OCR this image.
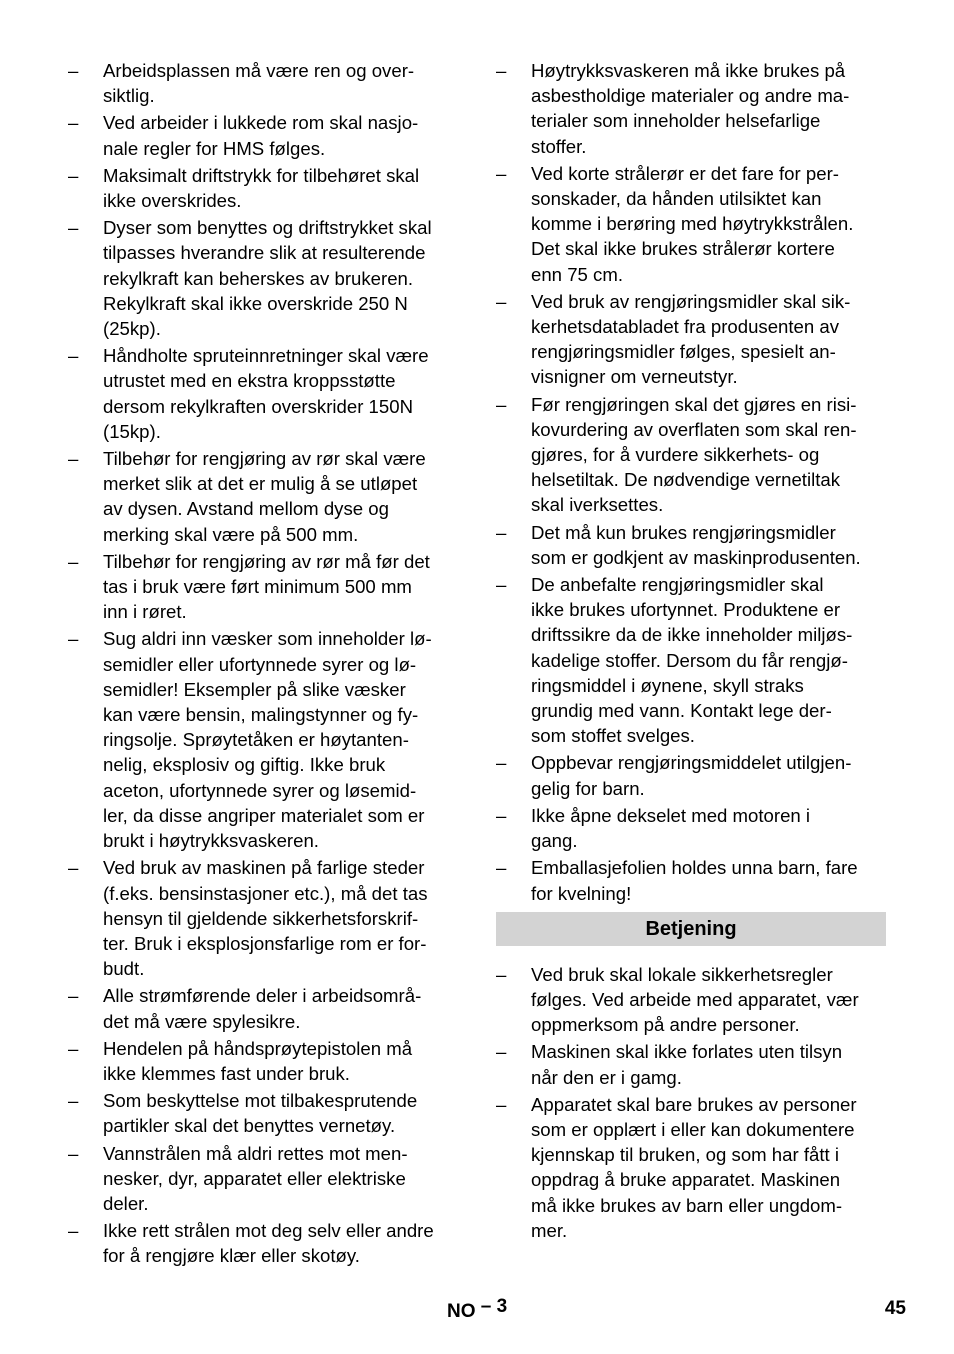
–	Arbeidsplassen må være ren og over-
siktlig.
–	Ved arbeider i lukkede rom skal nasjo-
nale regler for HMS følges.
–	Maksimalt driftstrykk for tilbehøret skal
ikke overskrides.
–	Dyser som benyttes og driftstrykket skal
tilpasses hverandre slik at resulterende
rekylkraft kan beherskes av brukeren.
Rekylkraft skal ikke overskride 250 N
(25kp).
–	Håndholte spruteinnretninger skal være
utrustet med en ekstra kroppsstøtte
dersom rekylkraften overskrider 150N
(15kp).
–	Tilbehør for rengjøring av rør skal være
merket slik at det er mulig å se utløpet
av dysen. Avstand mellom dyse og
merking skal være på 500 mm.
–	Tilbehør for rengjøring av rør må før det
tas i bruk være ført minimum 500 mm
inn i røret.
–	Sug aldri inn væsker som inneholder lø-
semidler eller ufortynnede syrer og lø-
semidler! Eksempler på slike væsker
kan være bensin, malingstynner og fy-
ringsolje. Sprøytetåken er høytanten-
nelig, eksplosiv og giftig. Ikke bruk
aceton, ufortynnede syrer og løsemid-
ler, da disse angriper materialet som er
brukt i høytrykksvaskeren.
–	Ved bruk av maskinen på farlige steder
(f.eks. bensinstasjoner etc.), må det tas
hensyn til gjeldende sikkerhetsforskrif-
ter. Bruk i eksplosjonsfarlige rom er for-
budt.
–	Alle strømførende deler i arbeidsområ-
det må være spylesikre.
–	Hendelen på håndsprøytepistolen må
ikke klemmes fast under bruk.
–	Som beskyttelse mot tilbakesprutende
partikler skal det benyttes vernetøy.
–	Vannstrålen må aldri rettes mot men-
nesker, dyr, apparatet eller elektriske
deler.
–	Ikke rett strålen mot deg selv eller andre
for å rengjøre klær eller skotøy.
–	Høytrykksvaskeren må ikke brukes på
asbestholdige materialer og andre ma-
terialer som inneholder helsefarlige
stoffer.
–	Ved korte strålerør er det fare for per-
sonskader, da hånden utilsiktet kan
komme i berøring med høytrykkstrålen.
Det skal ikke brukes strålerør kortere
enn 75 cm.
–	Ved bruk av rengjøringsmidler skal sik-
kerhetsdatabladet fra produsenten av
rengjøringsmidler følges, spesielt an-
visnigner om verneutstyr.
–	Før rengjøringen skal det gjøres en risi-
kovurdering av overflaten som skal ren-
gjøres, for å vurdere sikkerhets- og
helsetiltak. De nødvendige vernetiltak
skal iverksettes.
–	Det må kun brukes rengjøringsmidler
som er godkjent av maskinprodusenten.
–	De anbefalte rengjøringsmidler skal
ikke brukes ufortynnet. Produktene er
driftssikre da de ikke inneholder miljøs-
kadelige stoffer. Dersom du får rengjø-
ringsmiddel i øynene, skyll straks
grundig med vann. Kontakt lege der-
som stoffet svelges.
–	Oppbevar rengjøringsmiddelet utilgjen-
gelig for barn.
–	Ikke åpne dekselet med motoren i
gang.
–	Emballasjefolien holdes unna barn, fare
for kvelning!
Betjening
–	Ved bruk skal lokale sikkerhetsregler
følges. Ved arbeide med apparatet, vær
oppmerksom på andre personer.
–	Maskinen skal ikke forlates uten tilsyn
når den er i gamg.
–	Apparatet skal bare brukes av personer
som er opplært i eller kan dokumentere
kjennskap til bruken, og som har fått i
oppdrag å bruke apparatet. Maskinen
må ikke brukes av barn eller ungdom-
mer.
NO – 3	45
